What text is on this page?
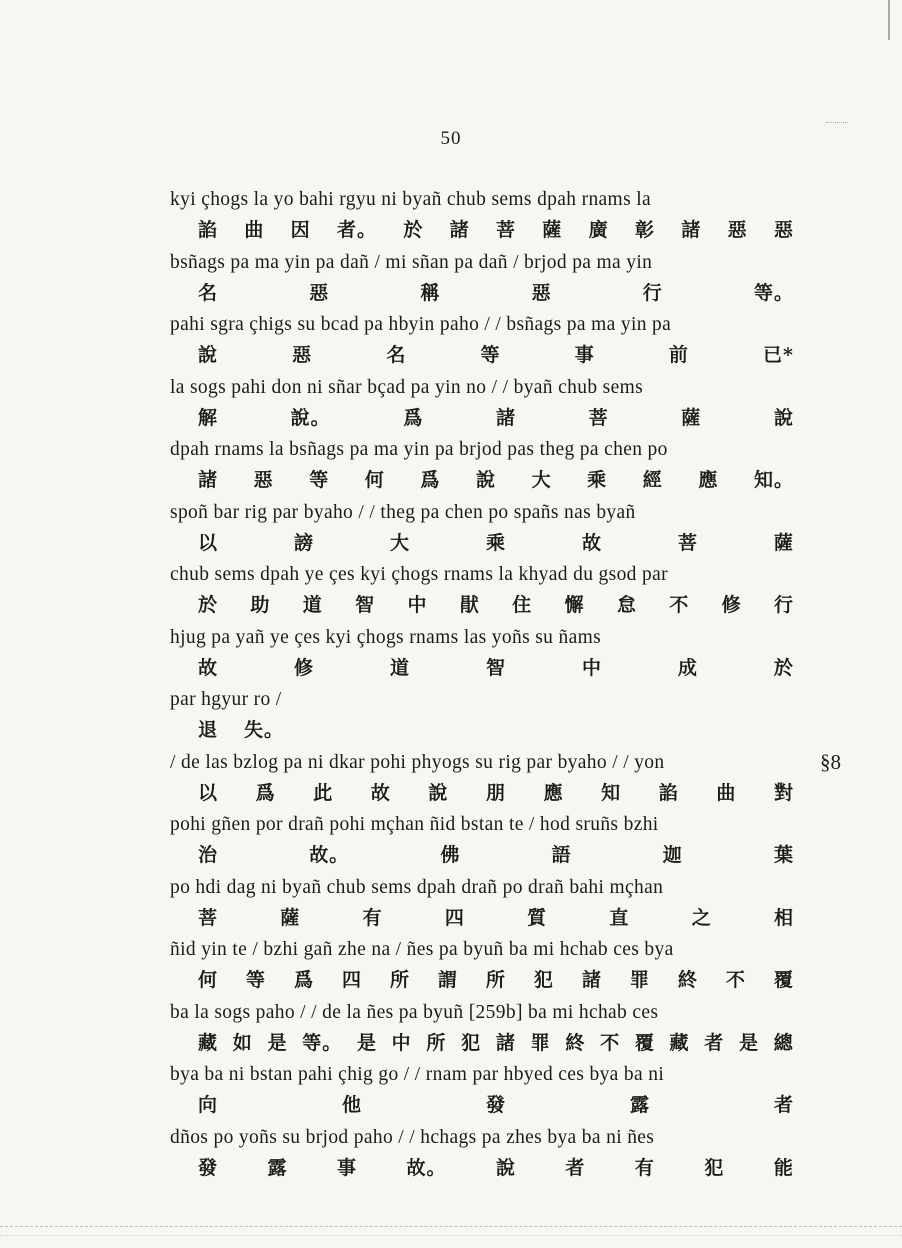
50
kyi çhogs la yo bahi rgyu ni byañ chub sems dpah rnams la
諂 曲 因 者。 於 諸 菩 薩 廣 彰 諸 惡 惡
bsñags pa ma yin pa dañ / mi sñan pa dañ / brjod pa ma yin
名	惡	稱	惡	行	等。
pahi sgra çhigs su bcad pa hbyin paho / / bsñags pa ma yin pa
說	惡	名	等	事	前	已*
la sogs pahi don ni sñar bçad pa yin no / / byañ chub sems
解	說。	爲	諸	菩	薩	說
dpah rnams la bsñags pa ma yin pa brjod pas theg pa chen po
諸 惡 等 何 爲 說 大 乘 經 應 知。
spoñ bar rig par byaho / / theg pa chen po spañs nas byañ
以	謗	大	乘	故	菩	薩
chub sems dpah ye çes kyi çhogs rnams la khyad du gsod par
於 助 道 智 中 猒 住 懈 怠 不 修 行
hjug pa yañ ye çes kyi çhogs rnams las yoñs su ñams
故	修	道	智	中	成	於
par hgyur ro /
退 失。
/ de las bzlog pa ni dkar pohi phyogs su rig par byaho / / yon
以 爲 此 故 說 朋 應 知 諂 曲 對
pohi gñen por drañ pohi mçhan ñid bstan te / hod sruñs bzhi
治	故。	佛	語	迦	葉
po hdi dag ni byañ chub sems dpah drañ po drañ bahi mçhan
菩	薩	有	四	質	直	之	相
ñid yin te / bzhi gañ zhe na / ñes pa byuñ ba mi hchab ces bya
何 等 爲 四 所 謂 所 犯 諸 罪 終 不 覆
ba la sogs paho / / de la ñes pa byuñ [259b] ba mi hchab ces
藏 如 是 等。 是 中 所 犯 諸 罪 終 不 覆 藏 者 是 總
bya ba ni bstan pahi çhig go / / rnam par hbyed ces bya ba ni
向	他	發	露	者
dños po yoñs su brjod paho / / hchags pa zhes bya ba ni ñes
發	露	事	故。	說	者	有	犯	能
§8
